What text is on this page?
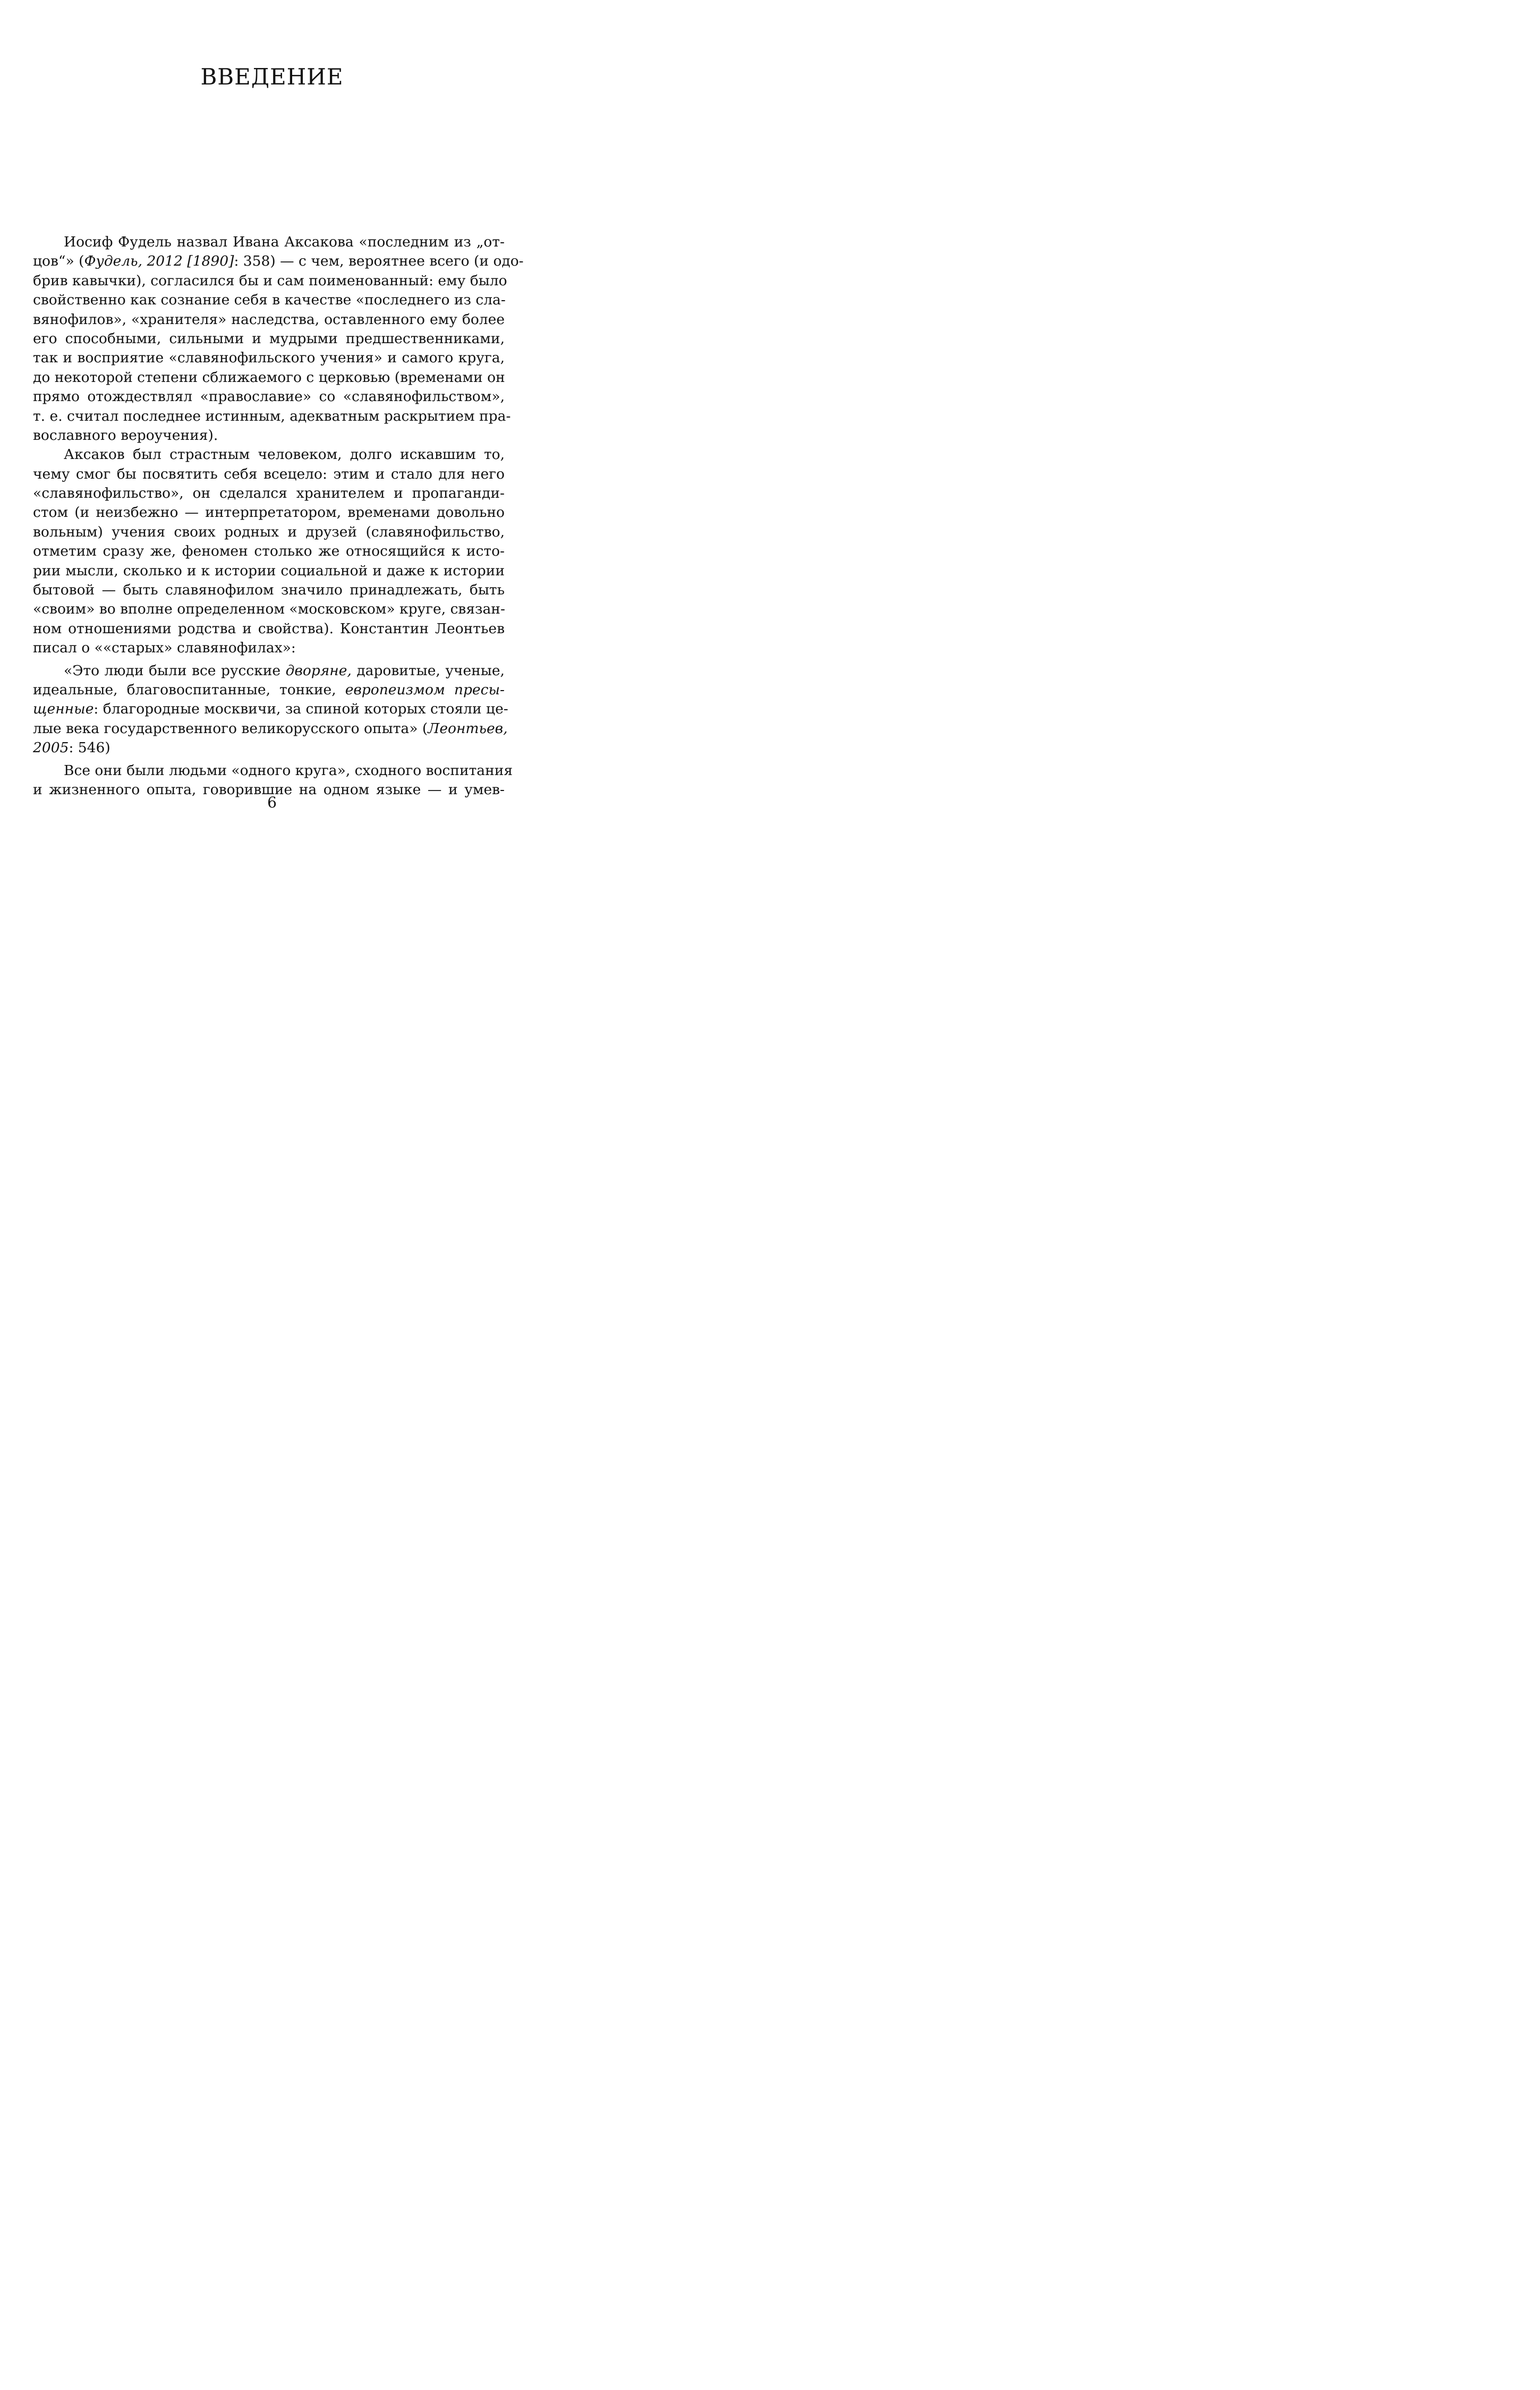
ВВЕДЕНИЕ
Иосиф Фудель назвал Ивана Аксакова «последним из „от-
цов“» (Фудель, 2012 [1890]: 358) — с чем, вероятнее всего (и одо-
брив кавычки), согласился бы и сам поименованный: ему было
свойственно как сознание себя в качестве «последнего из сла-
вянофилов», «хранителя» наследства, оставленного ему более
его способными, сильными и мудрыми предшественниками,
так и восприятие «славянофильского учения» и самого круга,
до некоторой степени сближаемого с церковью (временами он
прямо отождествлял «православие» со «славянофильством»,
т. е. считал последнее истинным, адекватным раскрытием пра-
вославного вероучения).
Аксаков был страстным человеком, долго искавшим то,
чему смог бы посвятить себя всецело: этим и стало для него
«славянофильство», он сделался хранителем и пропаганди-
стом (и неизбежно — интерпретатором, временами довольно
вольным) учения своих родных и друзей (славянофильство,
отметим сразу же, феномен столько же относящийся к исто-
рии мысли, сколько и к истории социальной и даже к истории
бытовой — быть славянофилом значило принадлежать, быть
«своим» во вполне определенном «московском» круге, связан-
ном отношениями родства и свойства). Константин Леонтьев
писал о ««старых» славянофилах»:
«Это люди были все русские дворяне, даровитые, ученые,
идеальные, благовоспитанные, тонкие, европеизмом пресы-
щенные: благородные москвичи, за спиной которых стояли це-
лые века государственного великорусского опыта» (Леонтьев,
2005: 546)
Все они были людьми «одного круга», сходного воспитания
и жизненного опыта, говорившие на одном языке — и умев-
6
